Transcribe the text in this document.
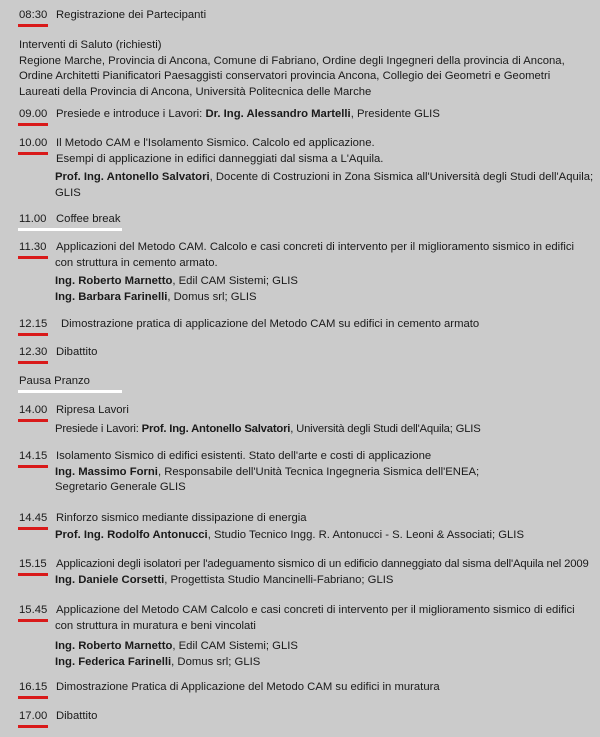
08:30 Registrazione dei Partecipanti
Interventi di Saluto (richiesti)
Regione Marche, Provincia di Ancona, Comune di Fabriano, Ordine degli Ingegneri della provincia di Ancona,
Ordine Architetti Pianificatori Paesaggisti conservatori provincia Ancona, Collegio dei Geometri e Geometri
Laureati della Provincia di Ancona, Università Politecnica delle Marche
09.00 Presiede e introduce i Lavori: Dr. Ing. Alessandro Martelli, Presidente GLIS
10.00 Il Metodo CAM e l'Isolamento Sismico. Calcolo ed applicazione.
Esempi di applicazione in edifici danneggiati dal sisma a L'Aquila.
Prof. Ing. Antonello Salvatori, Docente di Costruzioni in Zona Sismica all'Università degli Studi dell'Aquila;
GLIS
11.00 Coffee break
11.30 Applicazioni del Metodo CAM. Calcolo e casi concreti di intervento per il miglioramento sismico in edifici
con struttura in cemento armato.
Ing. Roberto Marnetto, Edil CAM Sistemi; GLIS
Ing. Barbara Farinelli, Domus srl; GLIS
12.15 Dimostrazione pratica di applicazione del Metodo CAM su edifici in cemento armato
12.30 Dibattito
Pausa Pranzo
14.00 Ripresa Lavori
Presiede i Lavori: Prof. Ing. Antonello Salvatori, Università degli Studi dell'Aquila; GLIS
14.15 Isolamento Sismico di edifici esistenti. Stato dell'arte e costi di applicazione
Ing. Massimo Forni, Responsabile dell'Unità Tecnica Ingegneria Sismica dell'ENEA;
Segretario Generale GLIS
14.45 Rinforzo sismico mediante dissipazione di energia
Prof. Ing. Rodolfo Antonucci, Studio Tecnico Ingg. R. Antonucci - S. Leoni & Associati; GLIS
15.15 Applicazioni degli isolatori per l'adeguamento sismico di un edificio danneggiato dal sisma dell'Aquila nel 2009
Ing. Daniele Corsetti, Progettista Studio Mancinelli-Fabriano; GLIS
15.45 Applicazione del Metodo CAM Calcolo e casi concreti di intervento per il miglioramento sismico di edifici
con struttura in muratura e beni vincolati
Ing. Roberto Marnetto, Edil CAM Sistemi; GLIS
Ing. Federica Farinelli, Domus srl; GLIS
16.15 Dimostrazione Pratica di Applicazione del Metodo CAM su edifici in muratura
17.00 Dibattito
